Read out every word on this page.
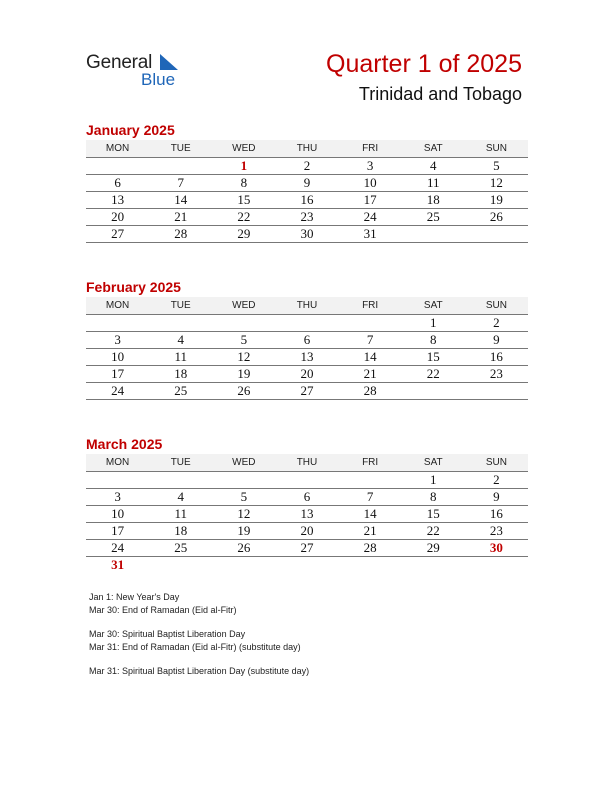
General
Blue
Quarter 1 of 2025
Trinidad and Tobago
January 2025
MON	TUE	WED	THU	FRI	SAT	SUN
		1	2	3	4	5
6	7	8	9	10	11	12
13	14	15	16	17	18	19
20	21	22	23	24	25	26
27	28	29	30	31		
February 2025
MON	TUE	WED	THU	FRI	SAT	SUN
					1	2
3	4	5	6	7	8	9
10	11	12	13	14	15	16
17	18	19	20	21	22	23
24	25	26	27	28		
March 2025
MON	TUE	WED	THU	FRI	SAT	SUN
					1	2
3	4	5	6	7	8	9
10	11	12	13	14	15	16
17	18	19	20	21	22	23
24	25	26	27	28	29	30
31						
Jan 1: New Year's Day
Mar 30: End of Ramadan (Eid al-Fitr)
Mar 30: Spiritual Baptist Liberation Day
Mar 31: End of Ramadan (Eid al-Fitr) (substitute day)
Mar 31: Spiritual Baptist Liberation Day (substitute day)
